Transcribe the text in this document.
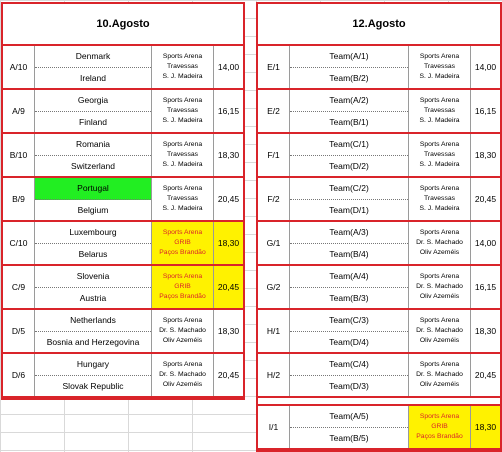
10.Agosto
A/10
Denmark
Ireland
Sports Arena
Travessas
S. J. Madeira
14,00
A/9
Georgia
Finland
Sports Arena
Travessas
S. J. Madeira
16,15
B/10
Romania
Switzerland
Sports Arena
Travessas
S. J. Madeira
18,30
B/9
Portugal
Belgium
Sports Arena
Travessas
S. J. Madeira
20,45
C/10
Luxembourg
Belarus
Sports Arena
GRIB
Paços Brandão
18,30
C/9
Slovenia
Austria
Sports Arena
GRIB
Paços Brandão
20,45
D/5
Netherlands
Bosnia and Herzegovina
Sports Arena
Dr. S. Machado
Oliv Azeméis
18,30
D/6
Hungary
Slovak Republic
Sports Arena
Dr. S. Machado
Oliv Azeméis
20,45
12.Agosto
E/1
Team(A/1)
Team(B/2)
Sports Arena
Travessas
S. J. Madeira
14,00
E/2
Team(A/2)
Team(B/1)
Sports Arena
Travessas
S. J. Madeira
16,15
F/1
Team(C/1)
Team(D/2)
Sports Arena
Travessas
S. J. Madeira
18,30
F/2
Team(C/2)
Team(D/1)
Sports Arena
Travessas
S. J. Madeira
20,45
G/1
Team(A/3)
Team(B/4)
Sports Arena
Dr. S. Machado
Oliv Azeméis
14,00
G/2
Team(A/4)
Team(B/3)
Sports Arena
Dr. S. Machado
Oliv Azeméis
16,15
H/1
Team(C/3)
Team(D/4)
Sports Arena
Dr. S. Machado
Oliv Azeméis
18,30
H/2
Team(C/4)
Team(D/3)
Sports Arena
Dr. S. Machado
Oliv Azeméis
20,45
I/1
Team(A/5)
Team(B/5)
Sports Arena
GRIB
Paços Brandão
18,30
